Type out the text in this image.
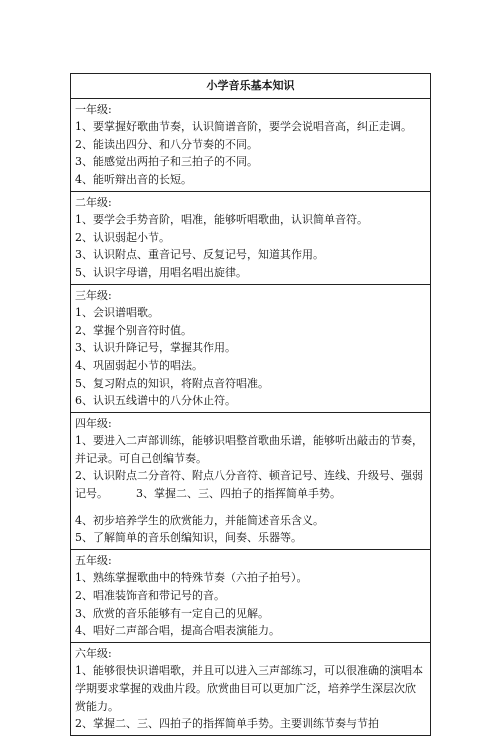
小学音乐基本知识

一年级:
1、要掌握好歌曲节奏，认识简谱音阶，要学会说唱音高，纠正走调。
2、能读出四分、和八分节奏的不同。
3、能感觉出两拍子和三拍子的不同。
4、能听辩出音的长短。

二年级:
1、要学会手势音阶，唱准，能够听唱歌曲，认识简单音符。
2、认识弱起小节。
3、认识附点、重音记号、反复记号，知道其作用。
5、认识字母谱，用唱名唱出旋律。

三年级:
1、会识谱唱歌。
2、掌握个别音符时值。
3、认识升降记号，掌握其作用。
4、巩固弱起小节的唱法。
5、复习附点的知识，将附点音符唱准。
6、认识五线谱中的八分休止符。

四年级:
1、要进入二声部训练，能够识唱整首歌曲乐谱，能够听出敲击的节奏，并记录。可自己创编节奏。
2、认识附点二分音符、附点八分音符、顿音记号、连线、升级号、强弱记号。        3、掌握二、三、四拍子的指挥简单手势。
4、初步培养学生的欣赏能力，并能简述音乐含义。
5、了解简单的音乐创编知识，间奏、乐器等。

五年级:
1、熟练掌握歌曲中的特殊节奏（六拍子拍号）。
2、唱准装饰音和带记号的音。
3、欣赏的音乐能够有一定自己的见解。
4、唱好二声部合唱，提高合唱表演能力。

六年级:
1、能够很快识谱唱歌，并且可以进入三声部练习，可以很准确的演唱本学期要求掌握的戏曲片段。欣赏曲目可以更加广泛，培养学生深层次欣赏能力。
2、掌握二、三、四拍子的指挥简单手势。主要训练节奏与节拍
